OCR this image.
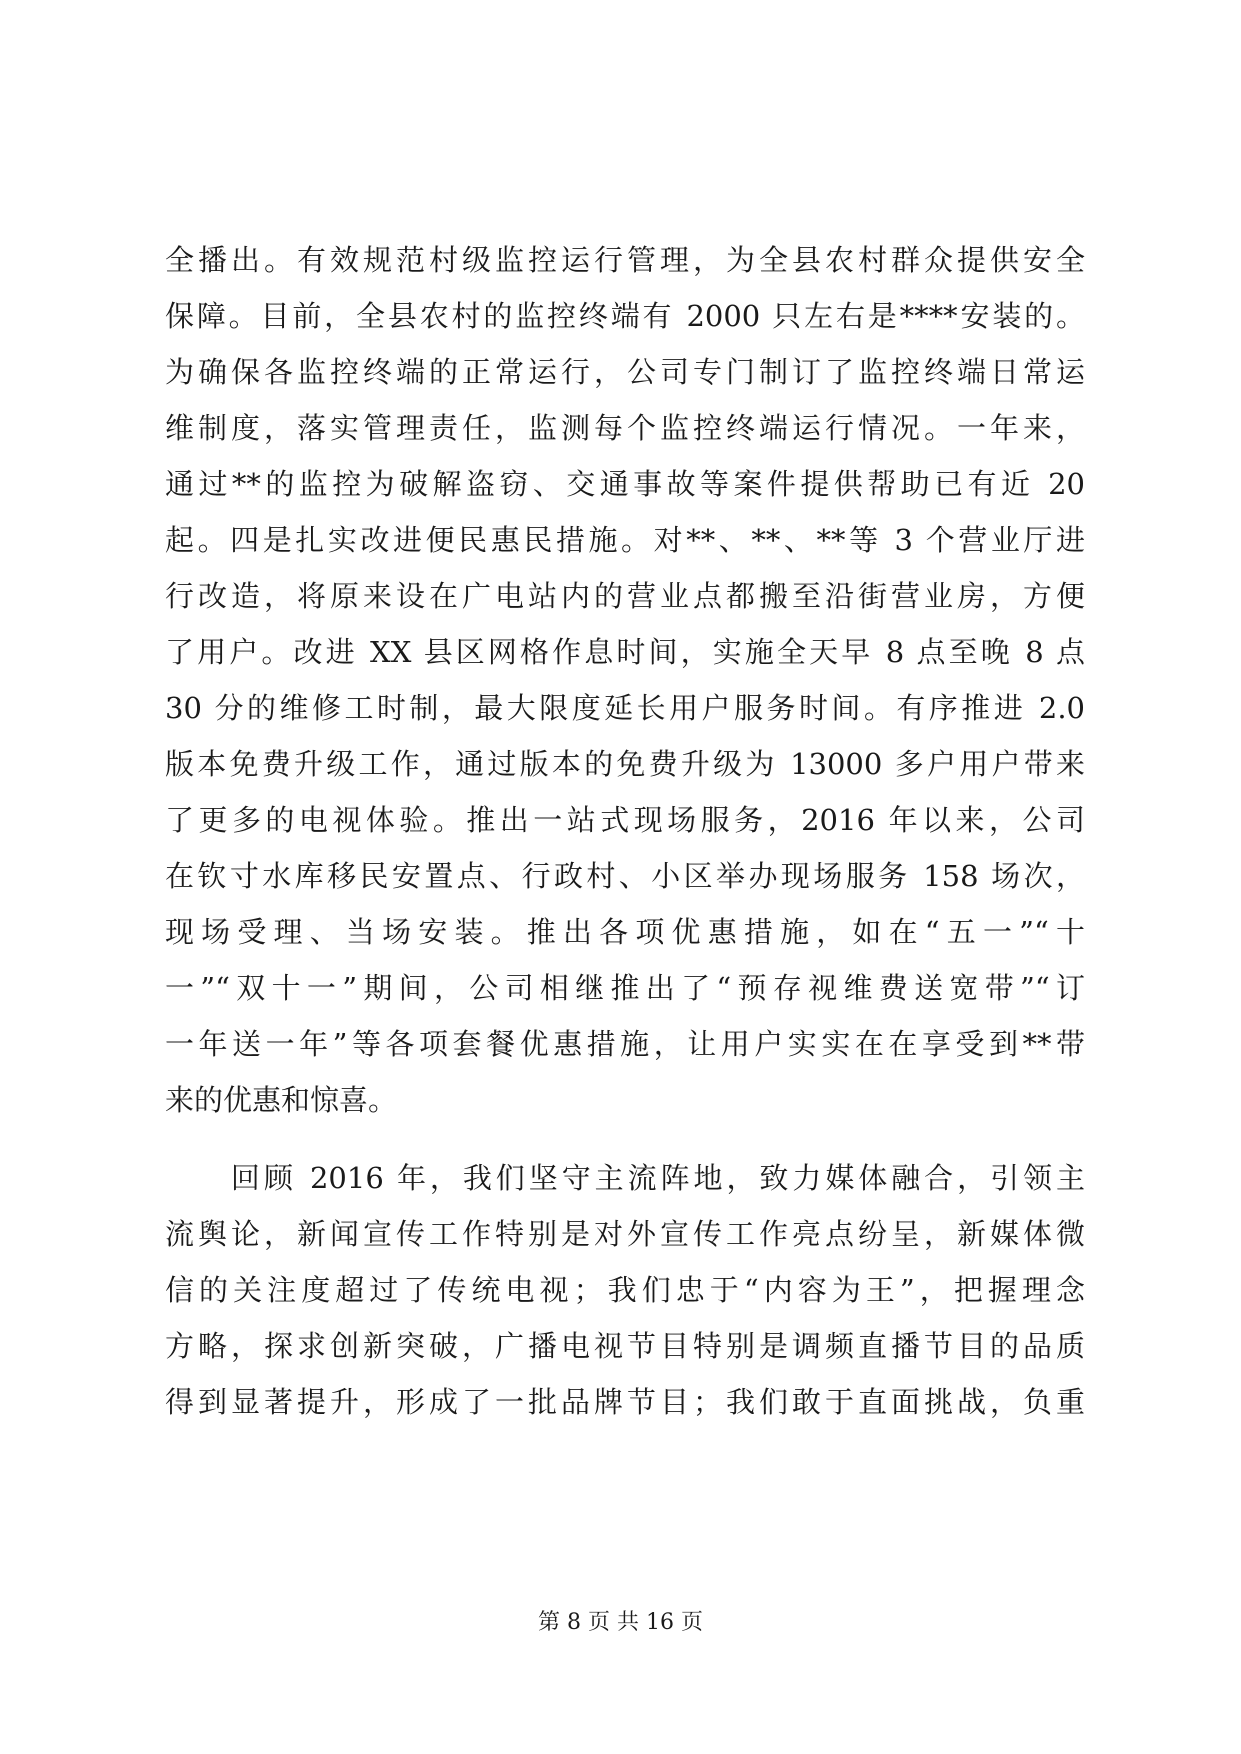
全播出。有效规范村级监控运行管理，为全县农村群众提供安全
保障。目前，全县农村的监控终端有 2000 只左右是****安装的。
为确保各监控终端的正常运行，公司专门制订了监控终端日常运
维制度，落实管理责任，监测每个监控终端运行情况。一年来，
通过**的监控为破解盗窃、交通事故等案件提供帮助已有近 20
起。四是扎实改进便民惠民措施。对**、**、**等 3 个营业厅进
行改造，将原来设在广电站内的营业点都搬至沿街营业房，方便
了用户。改进 XX 县区网格作息时间，实施全天早 8 点至晚 8 点
30 分的维修工时制，最大限度延长用户服务时间。有序推进 2.0
版本免费升级工作，通过版本的免费升级为 13000 多户用户带来
了更多的电视体验。推出一站式现场服务，2016 年以来，公司
在钦寸水库移民安置点、行政村、小区举办现场服务 158 场次，
现场受理、当场安装。推出各项优惠措施，如在“五一”“十
一”“双十一”期间，公司相继推出了“预存视维费送宽带”“订
一年送一年”等各项套餐优惠措施，让用户实实在在享受到**带
来的优惠和惊喜。
　　回顾 2016 年，我们坚守主流阵地，致力媒体融合，引领主
流舆论，新闻宣传工作特别是对外宣传工作亮点纷呈，新媒体微
信的关注度超过了传统电视；我们忠于“内容为王”，把握理念
方略，探求创新突破，广播电视节目特别是调频直播节目的品质
得到显著提升，形成了一批品牌节目；我们敢于直面挑战，负重
第 8 页 共 16 页
